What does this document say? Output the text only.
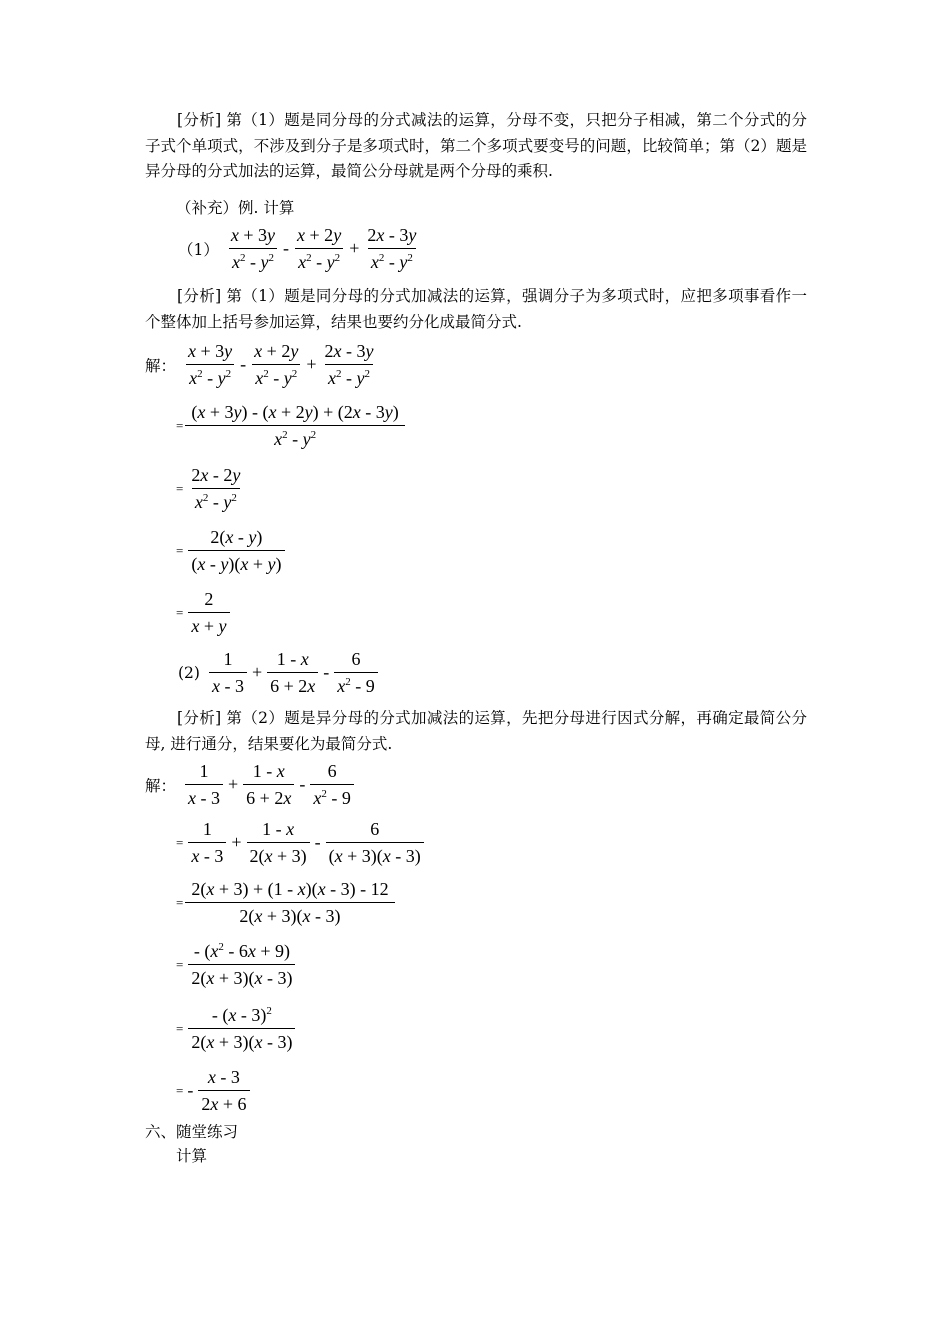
[分析] 第（1）题是同分母的分式减法的运算，分母不变，只把分子相减，第二个分式的分子式个单项式，不涉及到分子是多项式时，第二个多项式要变号的问题，比较简单；第（2）题是异分母的分式加法的运算，最简公分母就是两个分母的乘积.

（补充）例. 计算
$(1) \frac{x + 3y}{x^2 - y^2} - \frac{x + 2y}{x^2 - y^2} + \frac{2x - 3y}{x^2 - y^2}$

[分析] 第（1）题是同分母的分式加减法的运算，强调分子为多项式时，应把多项事看作一个整体加上括号参加运算，结果也要约分化成最简分式.

解： $\frac{x + 3y}{x^2 - y^2} - \frac{x + 2y}{x^2 - y^2} + \frac{2x - 3y}{x^2 - y^2}$
= $\frac{(x + 3y) - (x + 2y) + (2x - 3y)}{x^2 - y^2}$
= $\frac{2x - 2y}{x^2 - y^2}$
= $\frac{2(x - y)}{(x - y)(x + y)}$
= $\frac{2}{x + y}$
$(2) \frac{1}{x - 3} + \frac{1 - x}{6 + 2x} - \frac{6}{x^2 - 9}$

[分析] 第（2）题是异分母的分式加减法的运算，先把分母进行因式分解，再确定最简公分母, 进行通分，结果要化为最简分式.

解： $\frac{1}{x - 3} + \frac{1 - x}{6 + 2x} - \frac{6}{x^2 - 9}$
= $\frac{1}{x - 3} + \frac{1 - x}{2(x + 3)} - \frac{6}{(x + 3)(x - 3)}$
= $\frac{2(x + 3) + (1 - x)(x - 3) - 12}{2(x + 3)(x - 3)}$
= $\frac{- (x^2 - 6x + 9)}{2(x + 3)(x - 3)}$
= $\frac{- (x - 3)^2}{2(x + 3)(x - 3)}$
= - $\frac{x - 3}{2x + 6}$
六、随堂练习
计算
